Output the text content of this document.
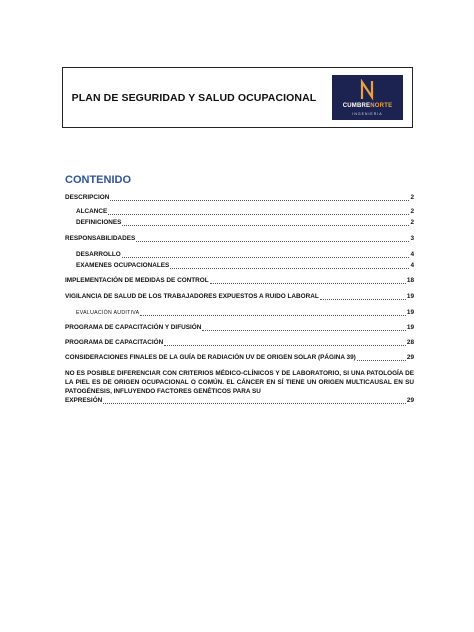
PLAN DE SEGURIDAD Y SALUD OCUPACIONAL
CUMBRENORTE
INGENIERIA
CONTENIDO
DESCRIPCION	2
ALCANCE	2
DEFINICIONES	2
RESPONSABILIDADES	3
DESARROLLO	4
EXAMENES OCUPACIONALES	4
IMPLEMENTACIÓN DE MEDIDAS DE CONTROL	18
VIGILANCIA DE SALUD DE LOS TRABAJADORES EXPUESTOS A RUIDO LABORAL	19
EVALUACIÓN AUDITIVA	19
PROGRAMA DE CAPACITACIÓN Y DIFUSIÓN	19
PROGRAMA DE CAPACITACIÓN	28
CONSIDERACIONES FINALES DE LA GUÍA DE RADIACIÓN UV DE ORIGEN SOLAR (PÁGINA 39)	29
NO ES POSIBLE DIFERENCIAR CON CRITERIOS MÉDICO-CLÍNICOS Y DE LABORATORIO, SI UNA PATOLOGÍA DE LA PIEL ES DE ORIGEN OCUPACIONAL O COMÚN. EL CÁNCER EN SÍ TIENE UN ORIGEN MULTICAUSAL EN SU PATOGÉNESIS, INFLUYENDO FACTORES GENÉTICOS PARA SU
EXPRESIÓN	29
